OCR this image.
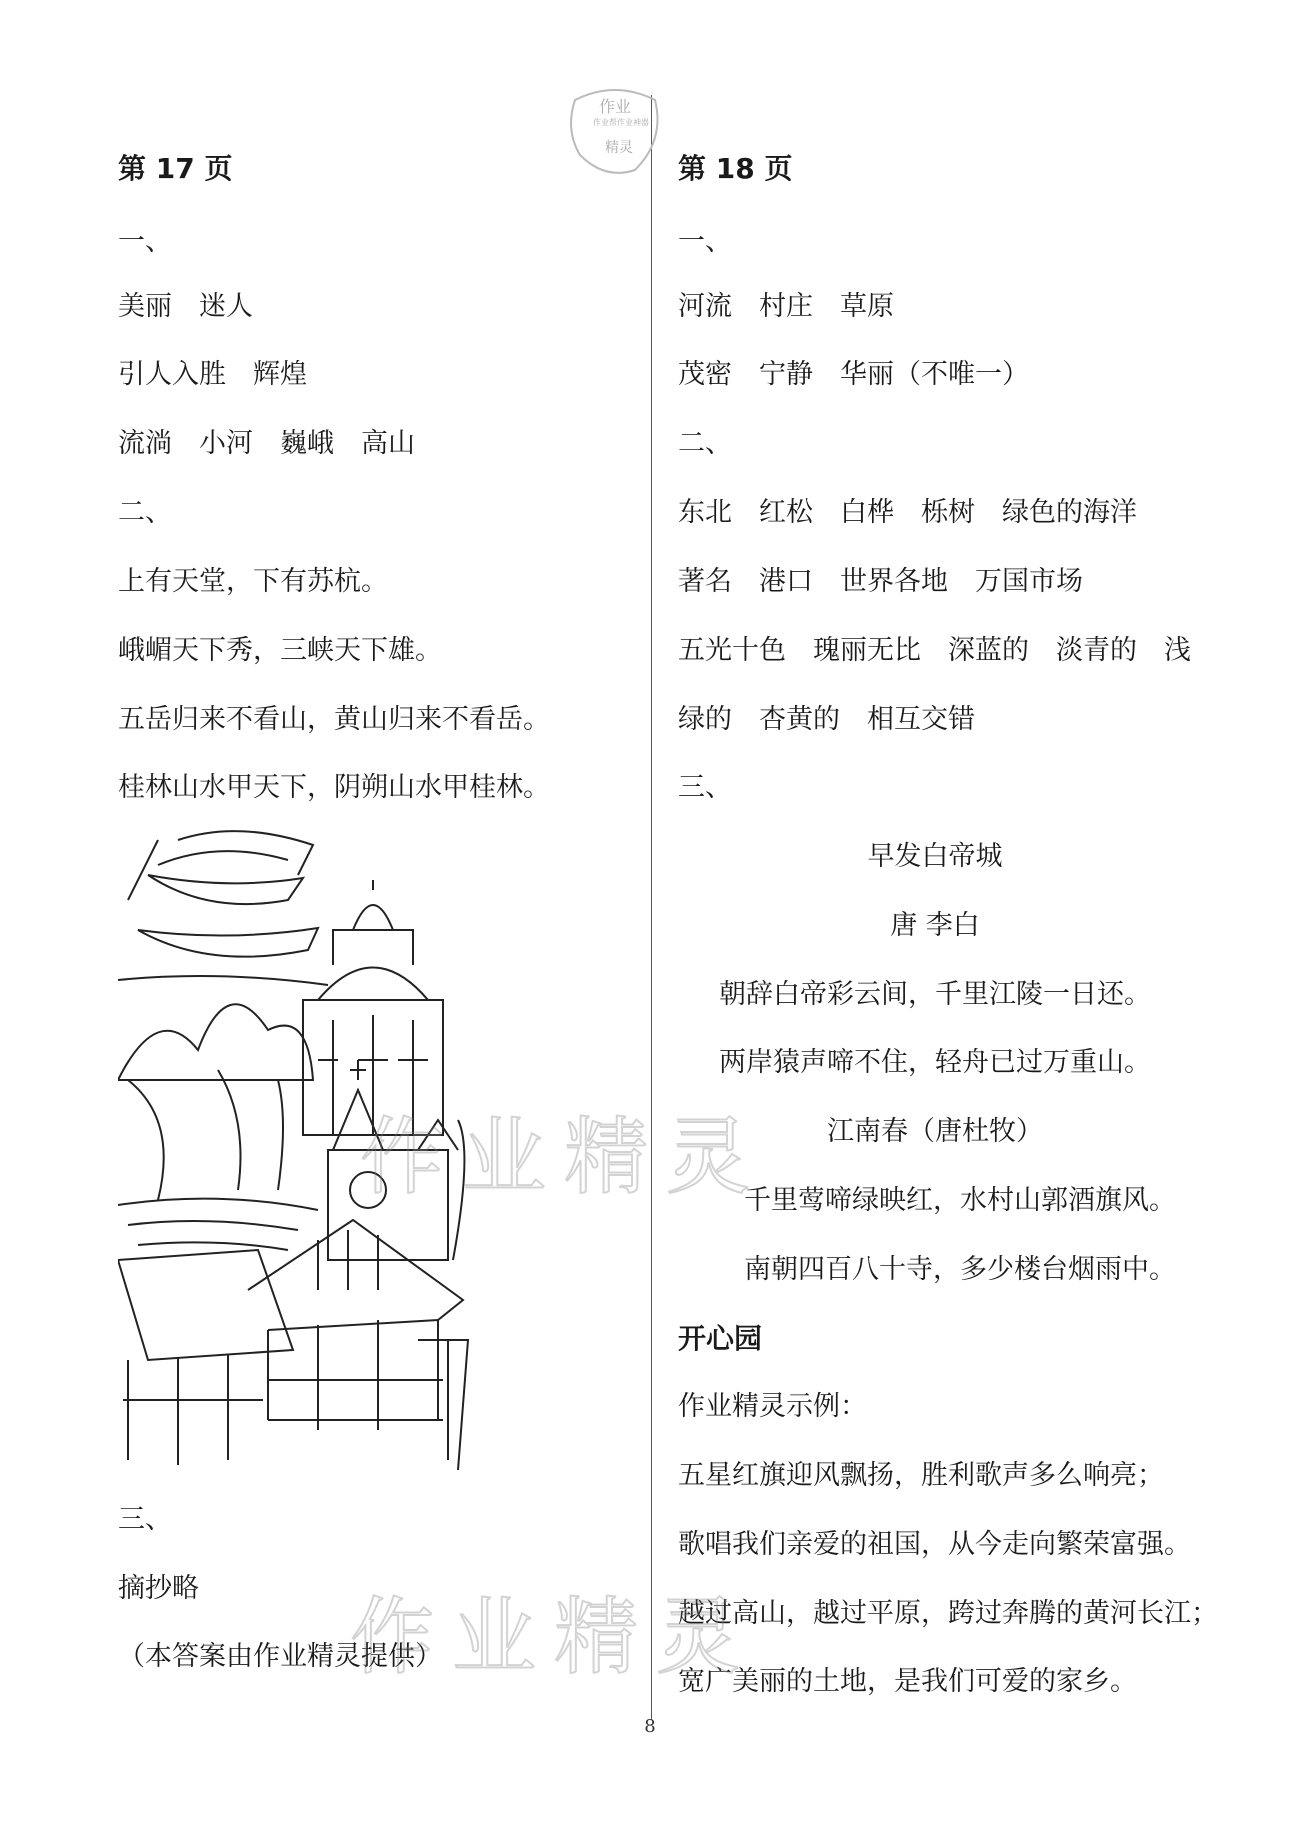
第 17 页
一、
美丽　迷人
引人入胜　辉煌
流淌　小河　巍峨　高山
二、
上有天堂，下有苏杭。
峨嵋天下秀，三峡天下雄。
五岳归来不看山，黄山归来不看岳。
桂林山水甲天下，阴朔山水甲桂林。
三、
摘抄略
（本答案由作业精灵提供）
第 18 页
一、
河流　村庄　草原
茂密　宁静　华丽（不唯一）
二、
东北　红松　白桦　栎树　绿色的海洋
著名　港口　世界各地　万国市场
五光十色　瑰丽无比　深蓝的　淡青的　浅
绿的　杏黄的　相互交错
三、
早发白帝城
唐 李白
朝辞白帝彩云间，千里江陵一日还。
两岸猿声啼不住，轻舟已过万重山。
江南春（唐杜牧）
千里莺啼绿映红，水村山郭酒旗风。
南朝四百八十寺，多少楼台烟雨中。
开心园
作业精灵示例：
五星红旗迎风飘扬，胜利歌声多么响亮；
歌唱我们亲爱的祖国，从今走向繁荣富强。
越过高山，越过平原，跨过奔腾的黄河长江；
宽广美丽的土地，是我们可爱的家乡。
作业精灵
作业精灵
作业
作业帮作业神器
精灵
8
